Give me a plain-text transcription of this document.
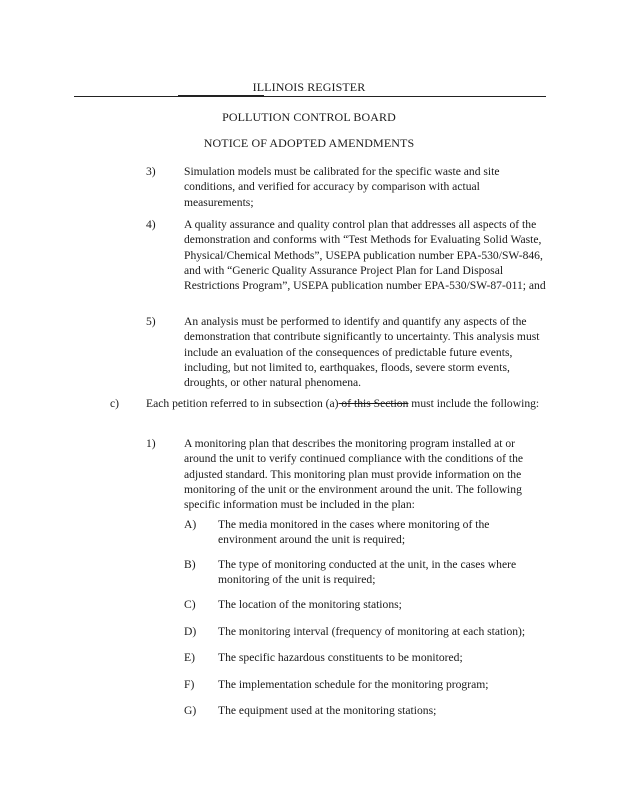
ILLINOIS REGISTER
POLLUTION CONTROL BOARD
NOTICE OF ADOPTED AMENDMENTS
3) Simulation models must be calibrated for the specific waste and site conditions, and verified for accuracy by comparison with actual measurements;

4) A quality assurance and quality control plan that addresses all aspects of the demonstration and conforms with “Test Methods for Evaluating Solid Waste, Physical/Chemical Methods”, USEPA publication number EPA-530/SW-846, and with “Generic Quality Assurance Project Plan for Land Disposal Restrictions Program”, USEPA publication number EPA-530/SW-87-011; and

5) An analysis must be performed to identify and quantify any aspects of the demonstration that contribute significantly to uncertainty. This analysis must include an evaluation of the consequences of predictable future events, including, but not limited to, earthquakes, floods, severe storm events, droughts, or other natural phenomena.

c) Each petition referred to in subsection (a) of this Section must include the following:

1) A monitoring plan that describes the monitoring program installed at or around the unit to verify continued compliance with the conditions of the adjusted standard. This monitoring plan must provide information on the monitoring of the unit or the environment around the unit. The following specific information must be included in the plan:

A) The media monitored in the cases where monitoring of the environment around the unit is required;

B) The type of monitoring conducted at the unit, in the cases where monitoring of the unit is required;

C) The location of the monitoring stations;

D) The monitoring interval (frequency of monitoring at each station);

E) The specific hazardous constituents to be monitored;

F) The implementation schedule for the monitoring program;

G) The equipment used at the monitoring stations;
